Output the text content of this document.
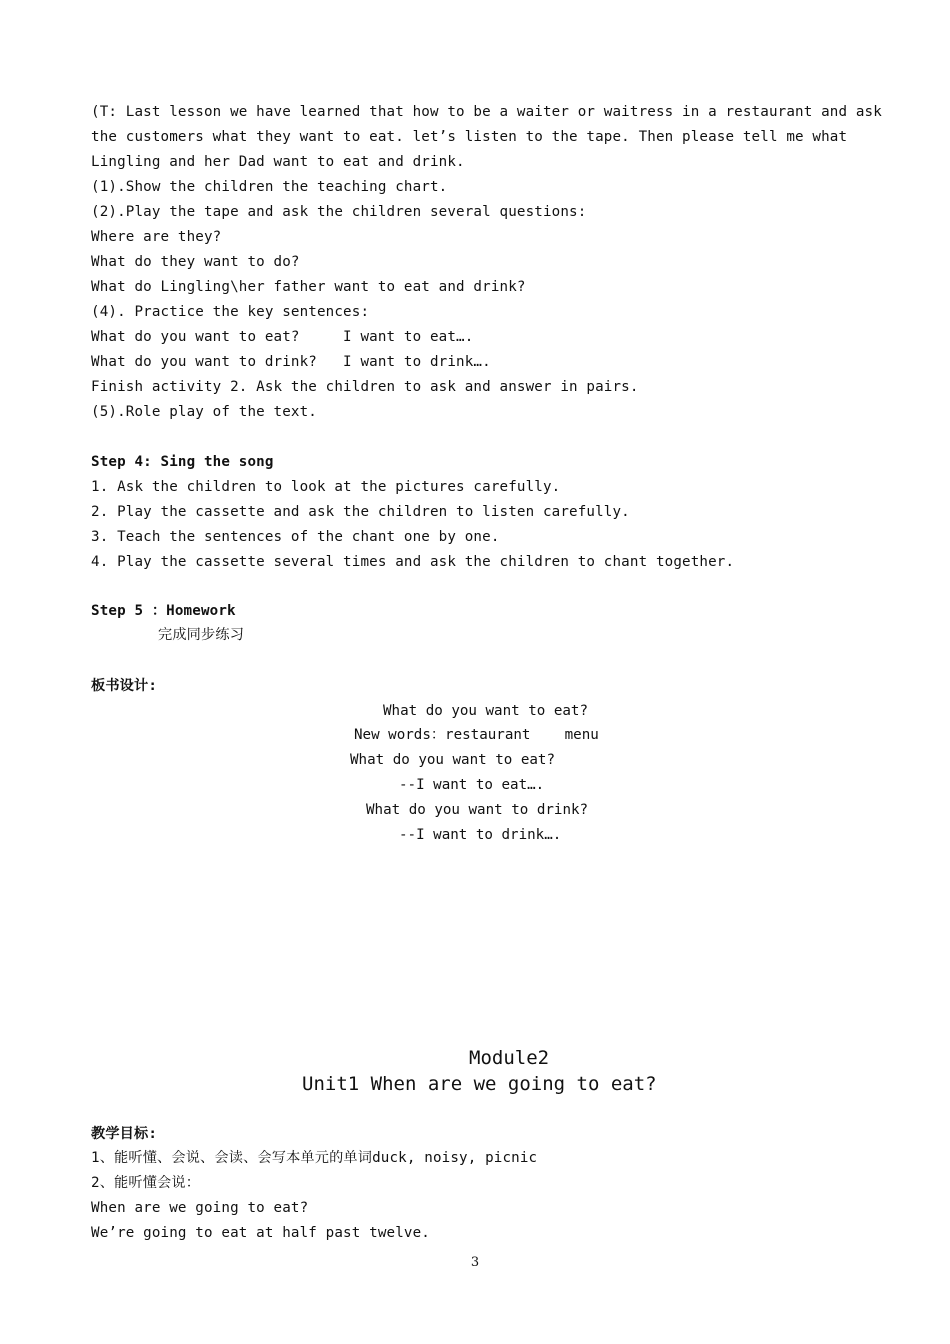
(T: Last lesson we have learned that how to be a waiter or waitress in a restaurant and ask
the customers what they want to eat. let’s listen to the tape. Then please tell me what
Lingling and her Dad want to eat and drink.
(1).Show the children the teaching chart.
(2).Play the tape and ask the children several questions:
Where are they?
What do they want to do?
What do Lingling\her father want to eat and drink?
(4). Practice the key sentences:
What do you want to eat?     I want to eat….
What do you want to drink?   I want to drink….
Finish activity 2. Ask the children to ask and answer in pairs.
(5).Role play of the text.
Step 4: Sing the song
1. Ask the children to look at the pictures carefully.
2. Play the cassette and ask the children to listen carefully.
3. Teach the sentences of the chant one by one.
4. Play the cassette several times and ask the children to chant together.
Step 5 ：Homework
完成同步练习
板书设计:
What do you want to eat?
New words：restaurant    menu
What do you want to eat?
--I want to eat….
What do you want to drink?
--I want to drink….
Module2
Unit1 When are we going to eat?
教学目标:
1、能听懂、会说、会读、会写本单元的单词duck, noisy, picnic
2、能听懂会说：
When are we going to eat?
We’re going to eat at half past twelve.
3
